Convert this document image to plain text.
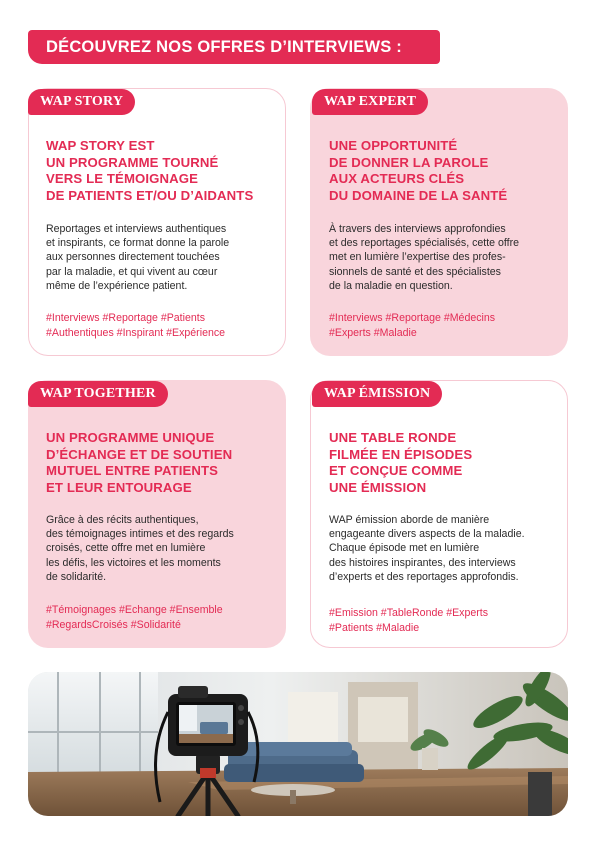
DÉCOUVREZ NOS OFFRES D’INTERVIEWS :
WAP STORY
WAP STORY EST
UN PROGRAMME TOURNÉ
VERS LE TÉMOIGNAGE
DE PATIENTS ET/OU D’AIDANTS
Reportages et interviews authentiques
et inspirants, ce format donne la parole
aux personnes directement touchées
par la maladie, et qui vivent au cœur
même de l’expérience patient.
#Interviews #Reportage #Patients
#Authentiques #Inspirant #Expérience
WAP EXPERT
UNE OPPORTUNITÉ
DE DONNER LA PAROLE
AUX ACTEURS CLÉS
DU DOMAINE DE LA SANTÉ
À travers des interviews approfondies
et des reportages spécialisés, cette offre
met en lumière l’expertise des profes-
sionnels de santé et des spécialistes
de la maladie en question.
#Interviews #Reportage #Médecins
#Experts #Maladie
WAP TOGETHER
UN PROGRAMME UNIQUE
D’ÉCHANGE ET DE SOUTIEN
MUTUEL ENTRE PATIENTS
ET LEUR ENTOURAGE
Grâce à des récits authentiques,
des témoignages intimes et des regards
croisés, cette offre met en lumière
les défis, les victoires et les moments
de solidarité.
#Témoignages #Echange #Ensemble
#RegardsCroisés #Solidarité
WAP ÉMISSION
UNE TABLE RONDE
FILMÉE EN ÉPISODES
ET CONÇUE COMME
UNE ÉMISSION
WAP émission aborde de manière
engageante divers aspects de la maladie.
Chaque épisode met en lumière
des histoires inspirantes, des interviews
d’experts et des reportages approfondis.
#Emission #TableRonde #Experts
#Patients #Maladie
